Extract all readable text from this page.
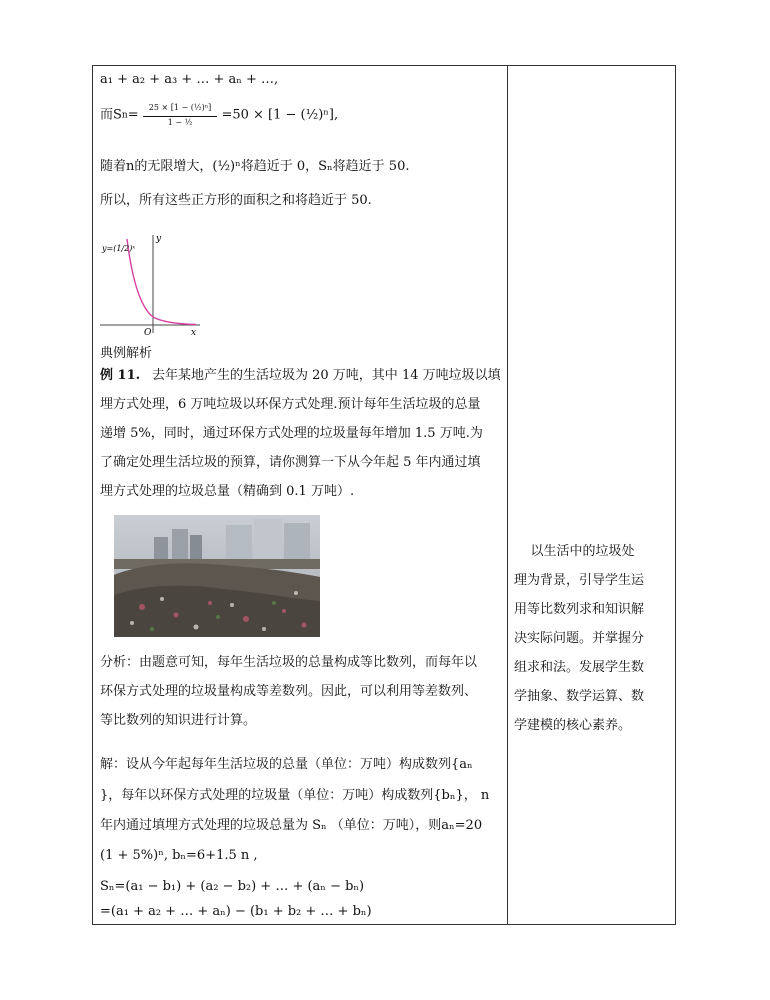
a₁ + a₂ + a₃ + … + aₙ + …,
而$Sn= \frac{\text{25 × [1 − (½)ⁿ]}}{\text{1 − ½}} =50 \times [1$ − (½)ⁿ],
随着n的无限增大，(½)ⁿ将趋近于 0，Sₙ将趋近于 50.
所以，所有这些正方形的面积之和将趋近于 50.
O	x
y
y=(1/2)ˣ
典例解析
例 11. 去年某地产生的生活垃圾为 20 万吨，其中 14 万吨垃圾以填
埋方式处理，6 万吨垃圾以环保方式处理.预计每年生活垃圾的总量
递增 5%，同时，通过环保方式处理的垃圾量每年增加 1.5 万吨.为
了确定处理生活垃圾的预算，请你测算一下从今年起 5 年内通过填
埋方式处理的垃圾总量（精确到 0.1 万吨）.
分析：由题意可知，每年生活垃圾的总量构成等比数列，而每年以
环保方式处理的垃圾量构成等差数列。因此，可以利用等差数列、
等比数列的知识进行计算。
解：设从今年起每年生活垃圾的总量（单位：万吨）构成数列{aₙ
}，每年以环保方式处理的垃圾量（单位：万吨）构成数列{bₙ}， n
年内通过填埋方式处理的垃圾总量为 Sₙ （单位：万吨），则aₙ=20
(1 + 5%)ⁿ, bₙ=6+1.5 n ,
Sₙ=(a₁ − b₁) + (a₂ − b₂) + … + (aₙ − bₙ)
=(a₁ + a₂ + … + aₙ) − (b₁ + b₂ + … + bₙ)
以生活中的垃圾处
理为背景，引导学生运
用等比数列求和知识解
决实际问题。并掌握分
组求和法。发展学生数
学抽象、数学运算、数
学建模的核心素养。
